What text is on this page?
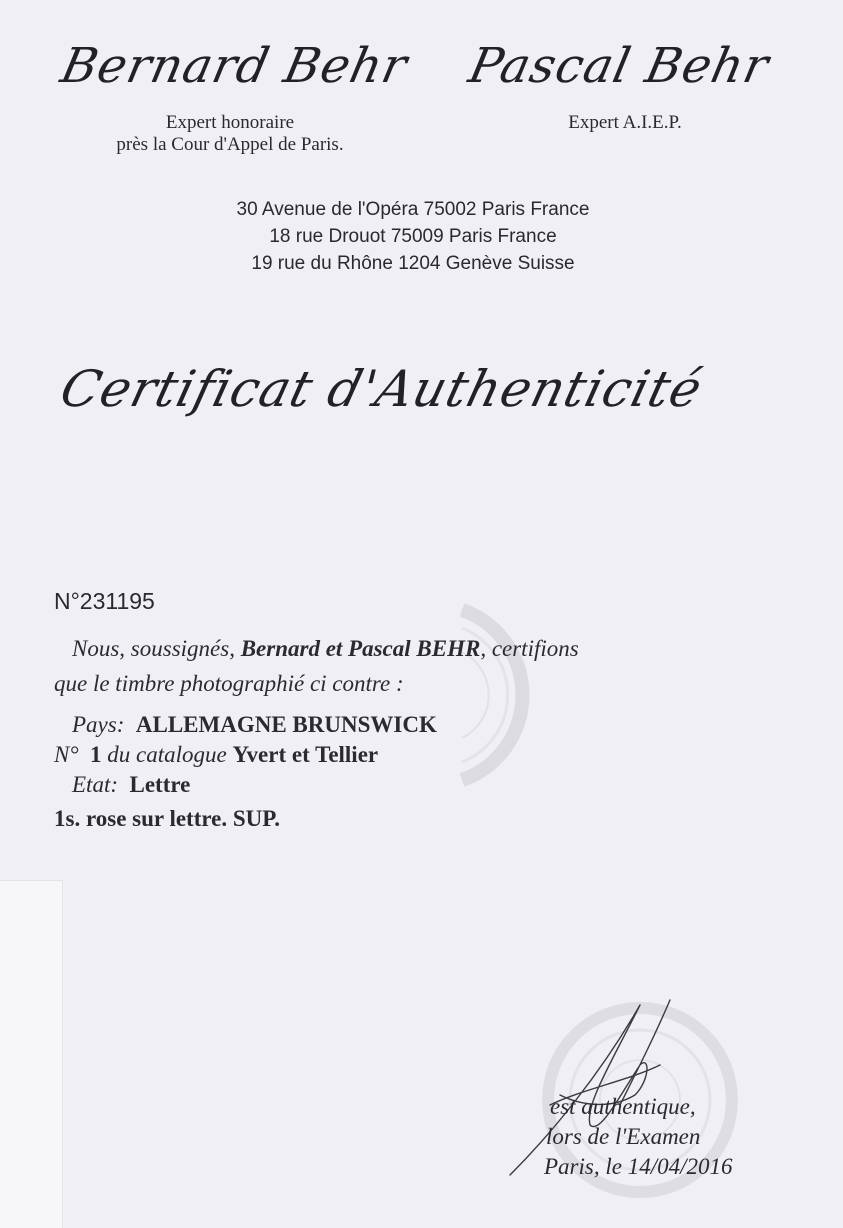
Bernard Behr Pascal Behr
Expert honoraire
près la Cour d'Appel de Paris.
Expert A.I.E.P.
30 Avenue de l'Opéra 75002 Paris France
18 rue Drouot 75009 Paris France
19 rue du Rhône 1204 Genève Suisse
Certificat d'Authenticité
N°231195
Nous, soussignés, Bernard et Pascal BEHR, certifions
que le timbre photographié ci contre :
Pays: ALLEMAGNE BRUNSWICK
N° 1 du catalogue Yvert et Tellier
Etat: Lettre
1s. rose sur lettre. SUP.
est authentique,
lors de l'Examen
Paris, le 14/04/2016
